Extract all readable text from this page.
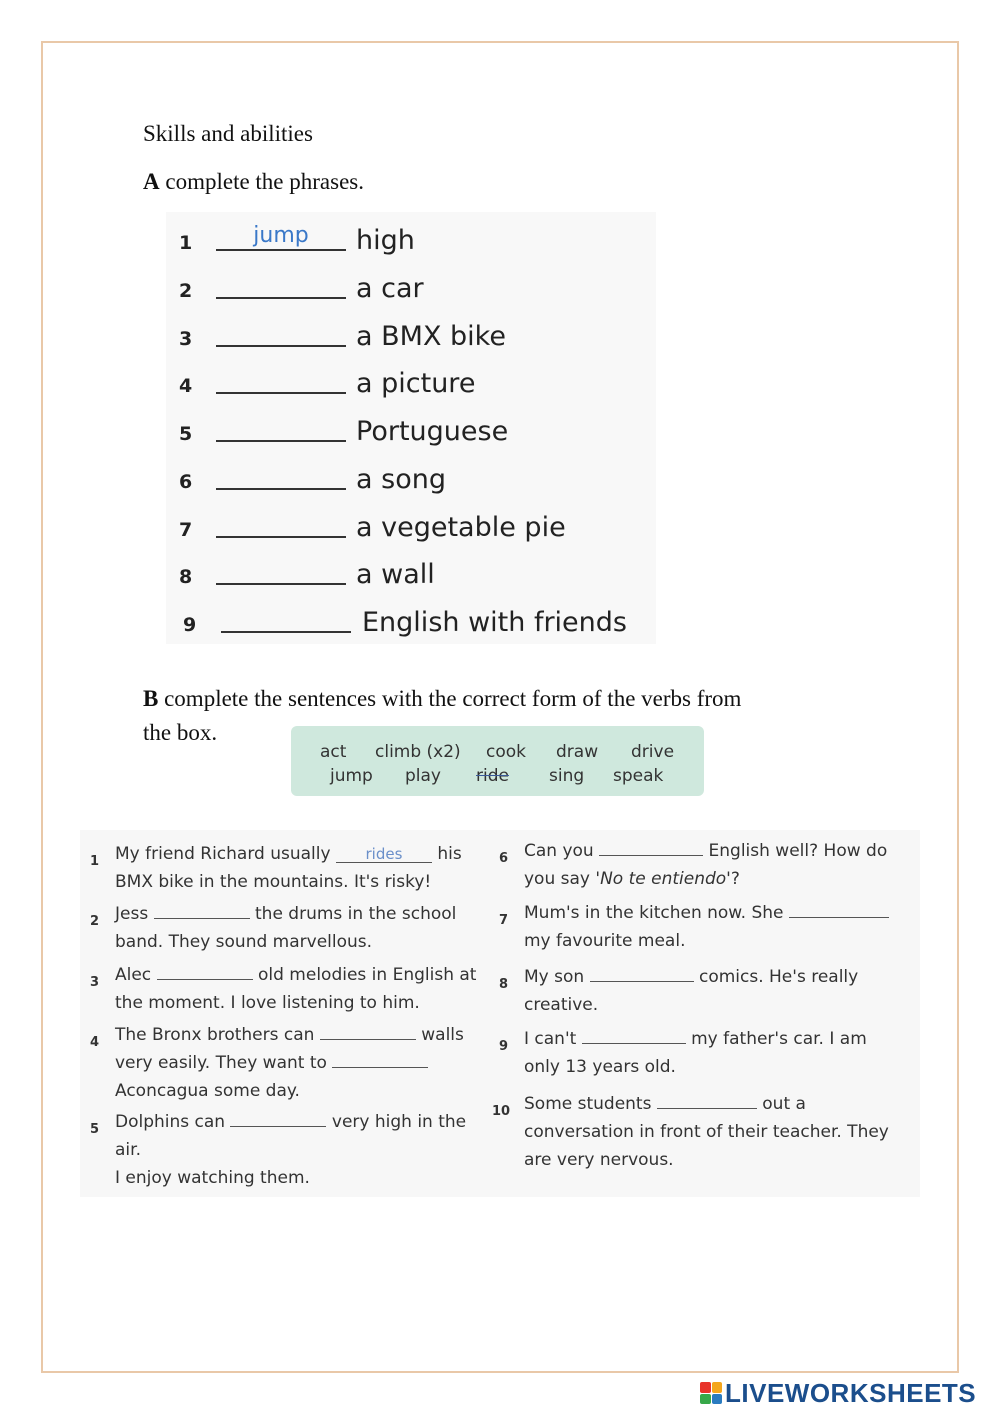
Skills and abilities
A complete the phrases.
1	jump	high
2	a car
3	a BMX bike
4	a picture
5	Portuguese
6	a song
7	a vegetable pie
8	a wall
9	English with friends
B complete the sentences with the correct form of the verbs from
the box.
act climb (x2) cook draw drive
jump play ride sing speak
1 My friend Richard usually rides his
BMX bike in the mountains. It's risky!
2 Jess	the drums in the school
band. They sound marvellous.
3 Alec	old melodies in English at
the moment. I love listening to him.
4 The Bronx brothers can	walls
very easily. They want to
Aconcagua some day.
5 Dolphins can	very high in the
air.
I enjoy watching them.
6 Can you	English well? How do
you say 'No te entiendo'?
7 Mum's in the kitchen now. She
my favourite meal.
8 My son	comics. He's really
creative.
9 I can't	my father's car. I am
only 13 years old.
10 Some students	out a
conversation in front of their teacher. They
are very nervous.
LIVEWORKSHEETS
